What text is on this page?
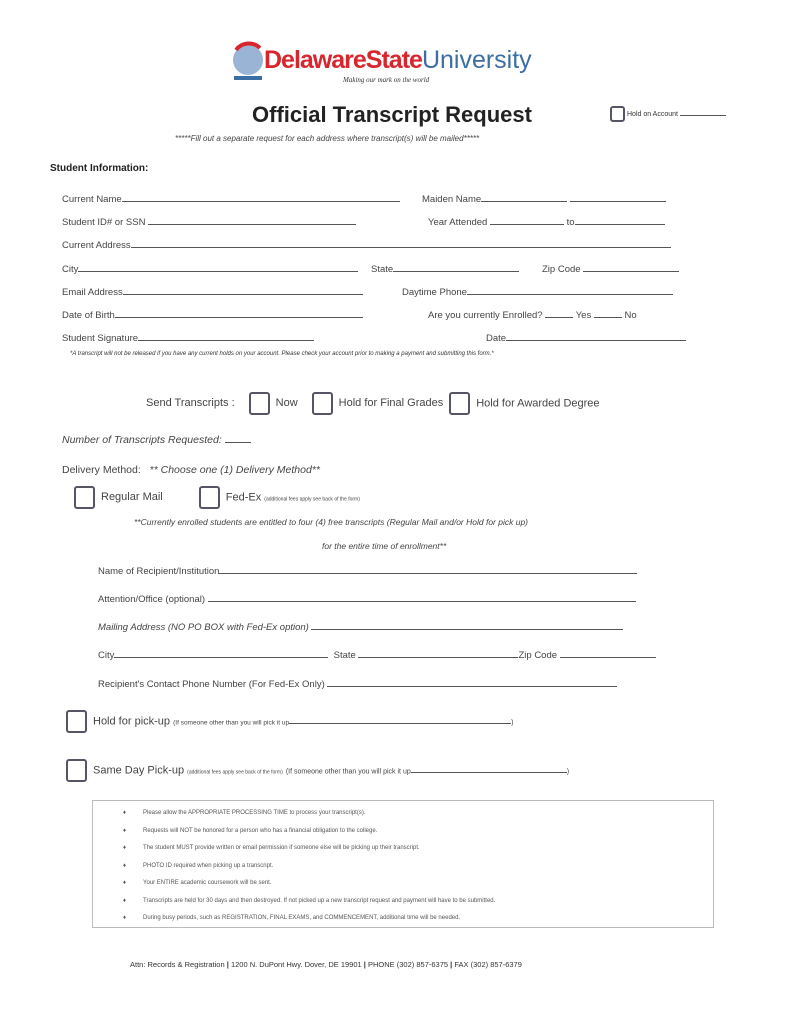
DelawareStateUniversity
Making our mark on the world
Official Transcript Request	Hold on Account
*****Fill out a separate request for each address where transcript(s) will be mailed*****
Student Information:
Current Name	Maiden Name
Student ID# or SSN	Year Attended	to
Current Address
City	State	Zip Code
Email Address	Daytime Phone
Date of Birth	Are you currently Enrolled?	Yes	No
Student Signature	Date
*A transcript will not be released if you have any current holds on your account. Please check your account prior to making a payment and submitting this form.*
Send Transcripts :	Now	Hold for Final Grades	Hold for Awarded Degree
Number of Transcripts Requested:
Delivery Method: ** Choose one (1) Delivery Method**
Regular Mail	Fed-Ex (additional fees apply see back of the form)
**Currently enrolled students are entitled to four (4) free transcripts (Regular Mail and/or Hold for pick up)
for the entire time of enrollment**
Name of Recipient/Institution
Attention/Office (optional)
Mailing Address (NO PO BOX with Fed-Ex option)
City	State	Zip Code
Recipient's Contact Phone Number (For Fed-Ex Only)
Hold for pick-up (If someone other than you will pick it up	)
Same Day Pick-up (additional fees apply see back of the form) (If someone other than you will pick it up	)
♦ Please allow the APPROPRIATE PROCESSING TIME to process your transcript(s).
♦ Requests will NOT be honored for a person who has a financial obligation to the college.
♦ The student MUST provide written or email permission if someone else will be picking up their transcript.
♦ PHOTO ID required when picking up a transcript.
♦ Your ENTIRE academic coursework will be sent.
♦ Transcripts are held for 30 days and then destroyed. If not picked up a new transcript request and payment will have to be submitted.
♦ During busy periods, such as REGISTRATION, FINAL EXAMS, and COMMENCEMENT, additional time will be needed.
Attn: Records & Registration | 1200 N. DuPont Hwy. Dover, DE 19901 | PHONE (302) 857-6375 | FAX (302) 857-6379
